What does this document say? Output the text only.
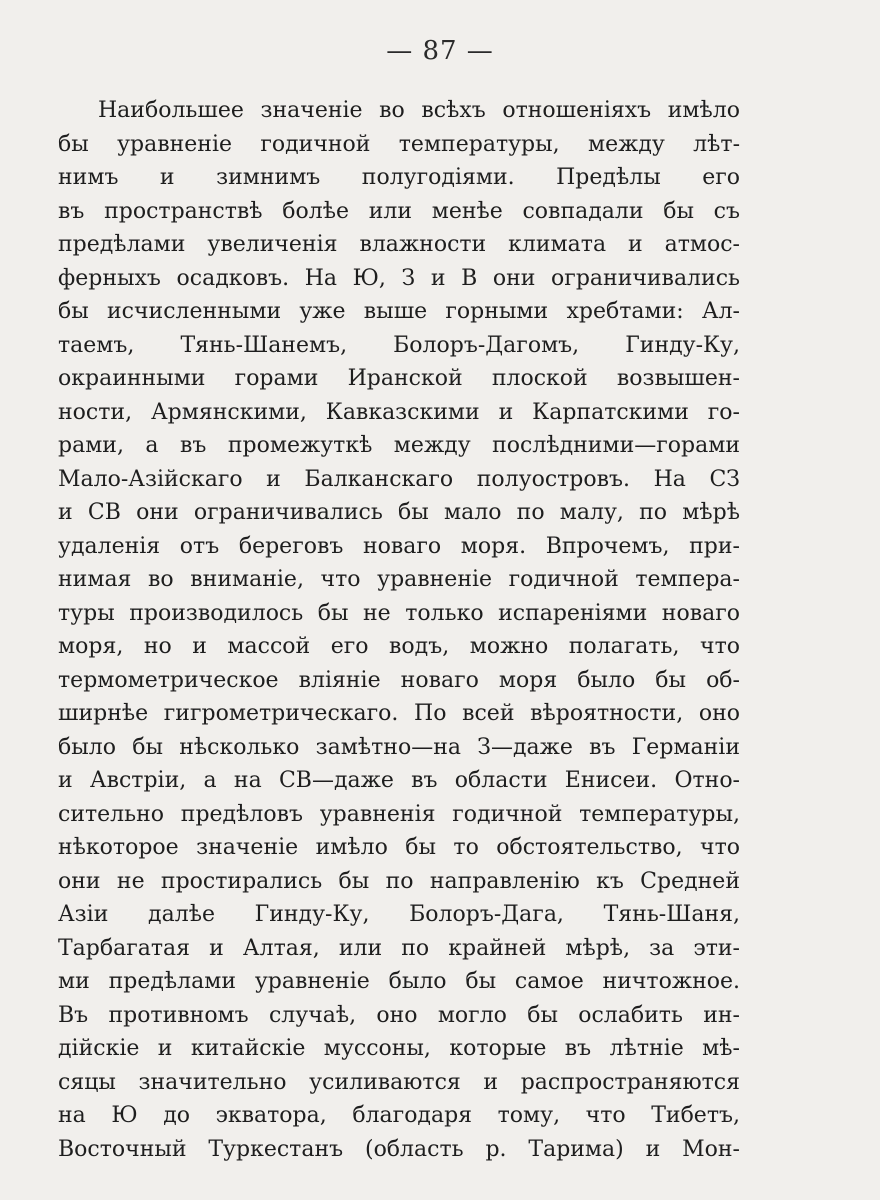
— 87 —
Наибольшее значеніе во всѣхъ отношеніяхъ имѣло
бы уравненіе годичной температуры, между лѣт-
нимъ и зимнимъ полугодіями. Предѣлы его
въ пространствѣ болѣе или менѣе совпадали бы съ
предѣлами увеличенія влажности климата и атмос-
ферныхъ осадковъ. На Ю, З и В они ограничивались
бы исчисленными уже выше горными хребтами: Ал-
таемъ, Тянь-Шанемъ, Болоръ-Дагомъ, Гинду-Ку,
окраинными горами Иранской плоской возвышен-
ности, Армянскими, Кавказскими и Карпатскими го-
рами, а въ промежуткѣ между послѣдними—горами
Мало-Азійскаго и Балканскаго полуостровъ. На СЗ
и СВ они ограничивались бы мало по малу, по мѣрѣ
удаленія отъ береговъ новаго моря. Впрочемъ, при-
нимая во вниманіе, что уравненіе годичной темпера-
туры производилось бы не только испареніями новаго
моря, но и массой его водъ, можно полагать, что
термометрическое вліяніе новаго моря было бы об-
ширнѣе гигрометрическаго. По всей вѣроятности, оно
было бы нѣсколько замѣтно—на З—даже въ Германіи
и Австріи, а на СВ—даже въ области Енисеи. Отно-
сительно предѣловъ уравненія годичной температуры,
нѣкоторое значеніе имѣло бы то обстоятельство, что
они не простирались бы по направленію къ Средней
Азіи далѣе Гинду-Ку, Болоръ-Дага, Тянь-Шаня,
Тарбагатая и Алтая, или по крайней мѣрѣ, за эти-
ми предѣлами уравненіе было бы самое ничтожное.
Въ противномъ случаѣ, оно могло бы ослабить ин-
дійскіе и китайскіе муссоны, которые въ лѣтніе мѣ-
сяцы значительно усиливаются и распространяются
на Ю до экватора, благодаря тому, что Тибетъ,
Восточный Туркестанъ (область р. Тарима) и Мон-
